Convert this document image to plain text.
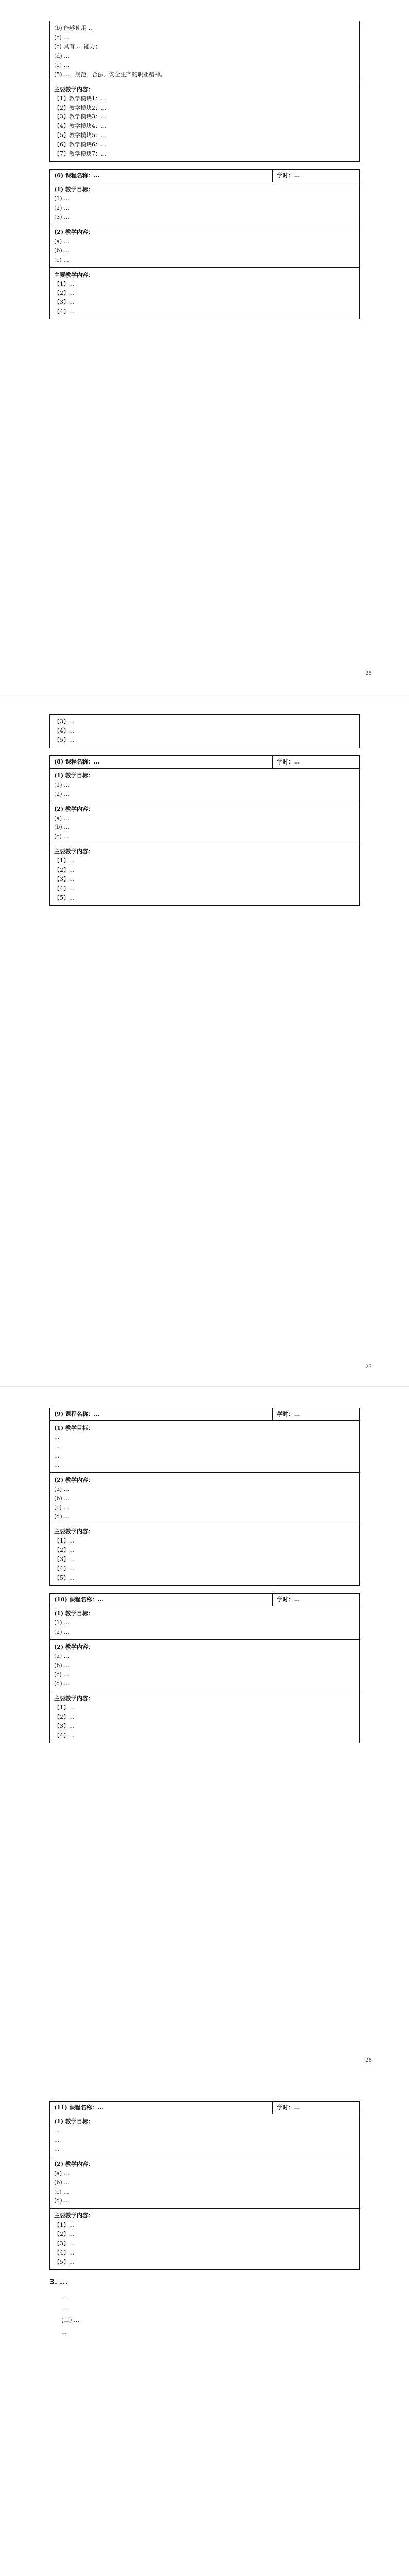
(b) 能够使用 ...
(c) ...
(c) 具有 ... 能力；
(d) ...
(e) ...
(5) ...、规范、合法、安全生产的职业精神。

主要教学内容：
【1】教学模块1：...
【2】教学模块2：...
【3】教学模块3：...
【4】教学模块4：...
【5】教学模块5：...
【6】教学模块6：...
【7】教学模块7：...
(6) 课程名称：...	学时：...

(1) 教学目标：
(1) ...
(2) ...
(3) ...

(2) 教学内容：
(a) ...
(b) ...
(c) ...

主要教学内容：
【1】...
【2】...
【3】...
【4】...
25
【3】...
【4】...
【5】...
(8) 课程名称：...	学时：...

(1) 教学目标：
(1) ...
(2) ...

(2) 教学内容：
(a) ...
(b) ...
(c) ...

主要教学内容：
【1】...
【2】...
【3】...
【4】...
【5】...
27
(9) 课程名称：...	学时：...

(1) 教学目标：
...
...
...
...

(2) 教学内容：
(a) ...
(b) ...
(c) ...
(d) ...

主要教学内容：
【1】...
【2】...
【3】...
【4】...
【5】...
(10) 课程名称：...	学时：...

(1) 教学目标：
(1) ...
(2) ...

(2) 教学内容：
(a) ...
(b) ...
(c) ...
(d) ...

主要教学内容：
【1】...
【2】...
【3】...
【4】...
28
(11) 课程名称：...	学时：...

(1) 教学目标：
...
...
...

(2) 教学内容：
(a) ...
(b) ...
(c) ...
(d) ...

主要教学内容：
【1】...
【2】...
【3】...
【4】...
【5】...
3. ...

...

...

(二) ...

...
